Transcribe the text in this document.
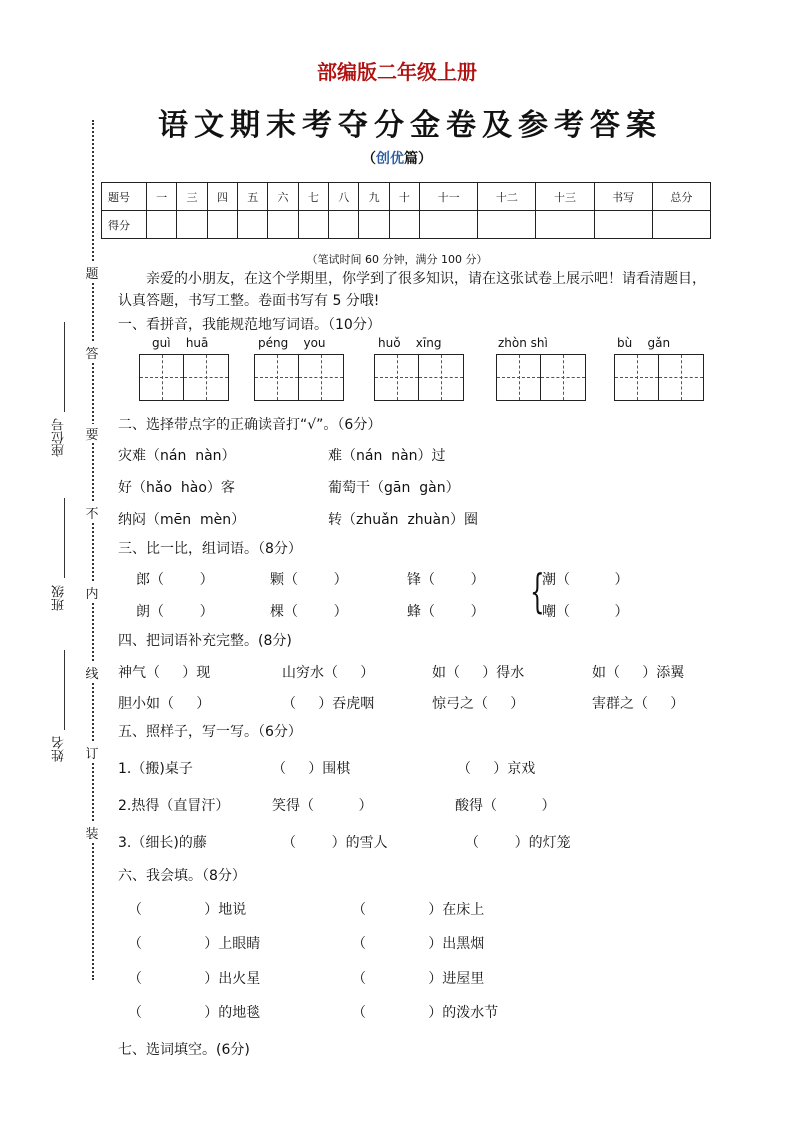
部编版二年级上册
语文期末考夺分金卷及参考答案
（创优篇）
题号	一	三	四	五	六	七	八	九	十	十一	十二	十三	书写	总分
得分														
（笔试时间 60 分钟，满分 100 分）
题
答
要
不
内
线
订
装
座位号
班级
姓名
亲爱的小朋友，在这个学期里，你学到了很多知识，请在这张试卷上展示吧！请看清题目，认真答题，书写工整。卷面书写有 5 分哦!
一、看拼音，我能规范地写词语。（10分）
guì    huā	péng    you	huǒ    xīng	zhòn shì	bù    gǎn
二、选择带点字的正确读音打“√”。（6分）
灾难（nán  nàn）	难（nán  nàn）过
好（hǎo  hào）客	葡萄干（gān  gàn）
纳闷（mēn  mèn）	转（zhuǎn  zhuàn）圈
三、比一比，组词语。（8分）
郎（        ）	颗（        ）	锋（        ）	潮（          ）
朗（        ）	棵（        ）	蜂（        ）	嘲（          ）
{
四、把词语补充完整。(8分)
神气（     ）现	山穷水（     ）	如（     ）得水	如（     ）添翼
胆小如（     ）	（     ）吞虎咽	惊弓之（     ）	害群之（     ）
五、照样子，写一写。（6分）
1.（搬)桌子	（     ）围棋	（     ）京戏
2.热得（直冒汗）	笑得（          ）	酸得（          ）
3.（细长)的藤	（        ）的雪人	（        ）的灯笼
六、我会填。（8分）
（              ）地说	（              ）在床上
（              ）上眼睛	（              ）出黑烟
（              ）出火星	（              ）进屋里
（              ）的地毯	（              ）的泼水节
七、选词填空。(6分)
